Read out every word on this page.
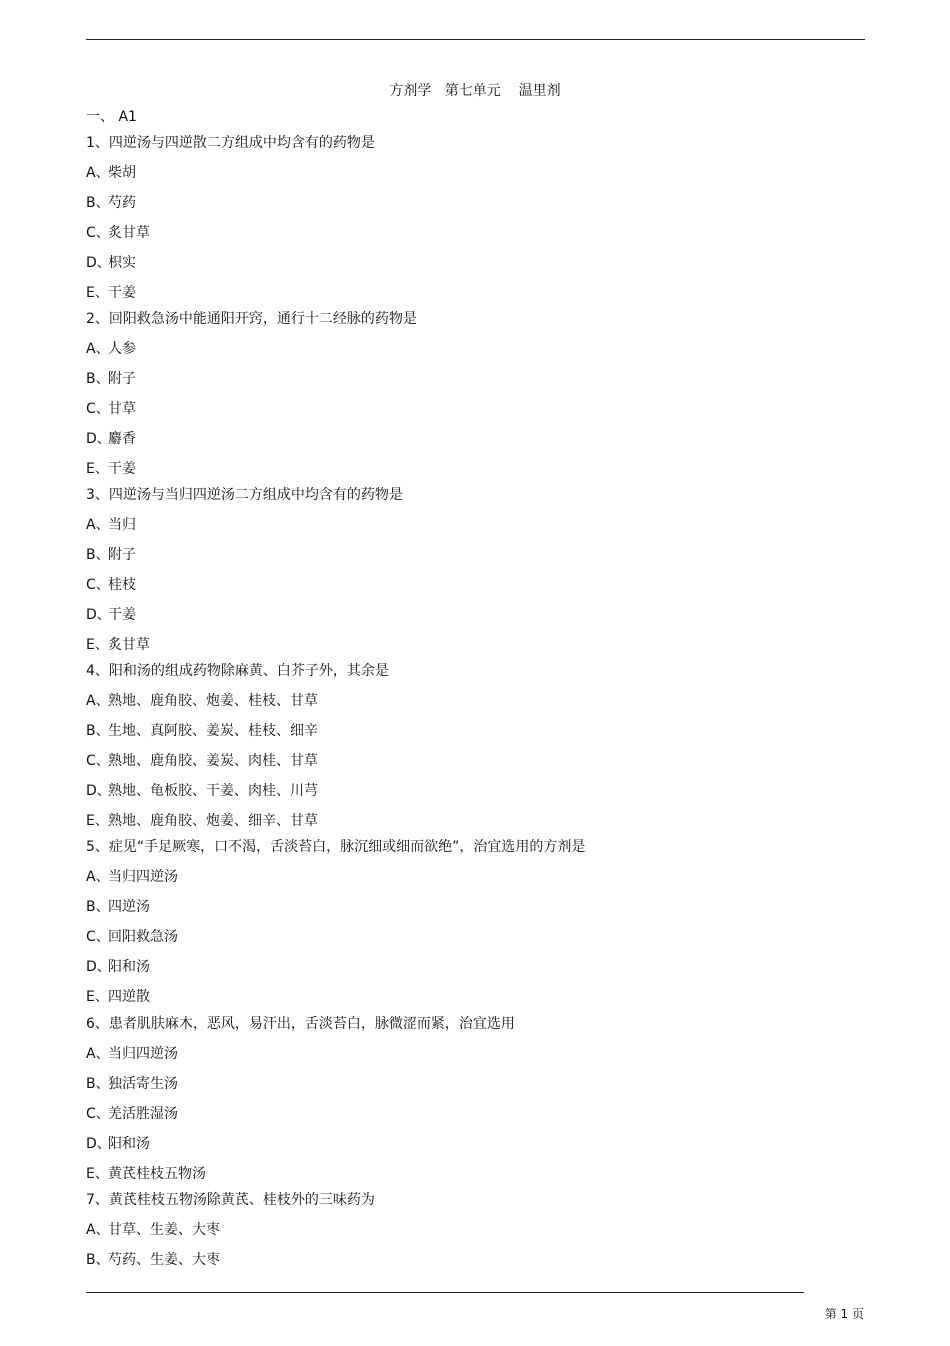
方剂学   第七单元    温里剂
一、 A1
1、四逆汤与四逆散二方组成中均含有的药物是
A、柴胡
B、芍药
C、炙甘草
D、枳实
E、干姜
2、回阳救急汤中能通阳开窍，通行十二经脉的药物是
A、人参
B、附子
C、甘草
D、麝香
E、干姜
3、四逆汤与当归四逆汤二方组成中均含有的药物是
A、当归
B、附子
C、桂枝
D、干姜
E、炙甘草
4、阳和汤的组成药物除麻黄、白芥子外，其余是
A、熟地、鹿角胶、炮姜、桂枝、甘草
B、生地、真阿胶、姜炭、桂枝、细辛
C、熟地、鹿角胶、姜炭、肉桂、甘草
D、熟地、龟板胶、干姜、肉桂、川芎
E、熟地、鹿角胶、炮姜、细辛、甘草
5、症见“手足厥寒，口不渴，舌淡苔白，脉沉细或细而欲绝”，治宜选用的方剂是
A、当归四逆汤
B、四逆汤
C、回阳救急汤
D、阳和汤
E、四逆散
6、患者肌肤麻木，恶风，易汗出，舌淡苔白，脉微涩而紧，治宜选用
A、当归四逆汤
B、独活寄生汤
C、羌活胜湿汤
D、阳和汤
E、黄芪桂枝五物汤
7、黄芪桂枝五物汤除黄芪、桂枝外的三味药为
A、甘草、生姜、大枣
B、芍药、生姜、大枣
第 1 页
